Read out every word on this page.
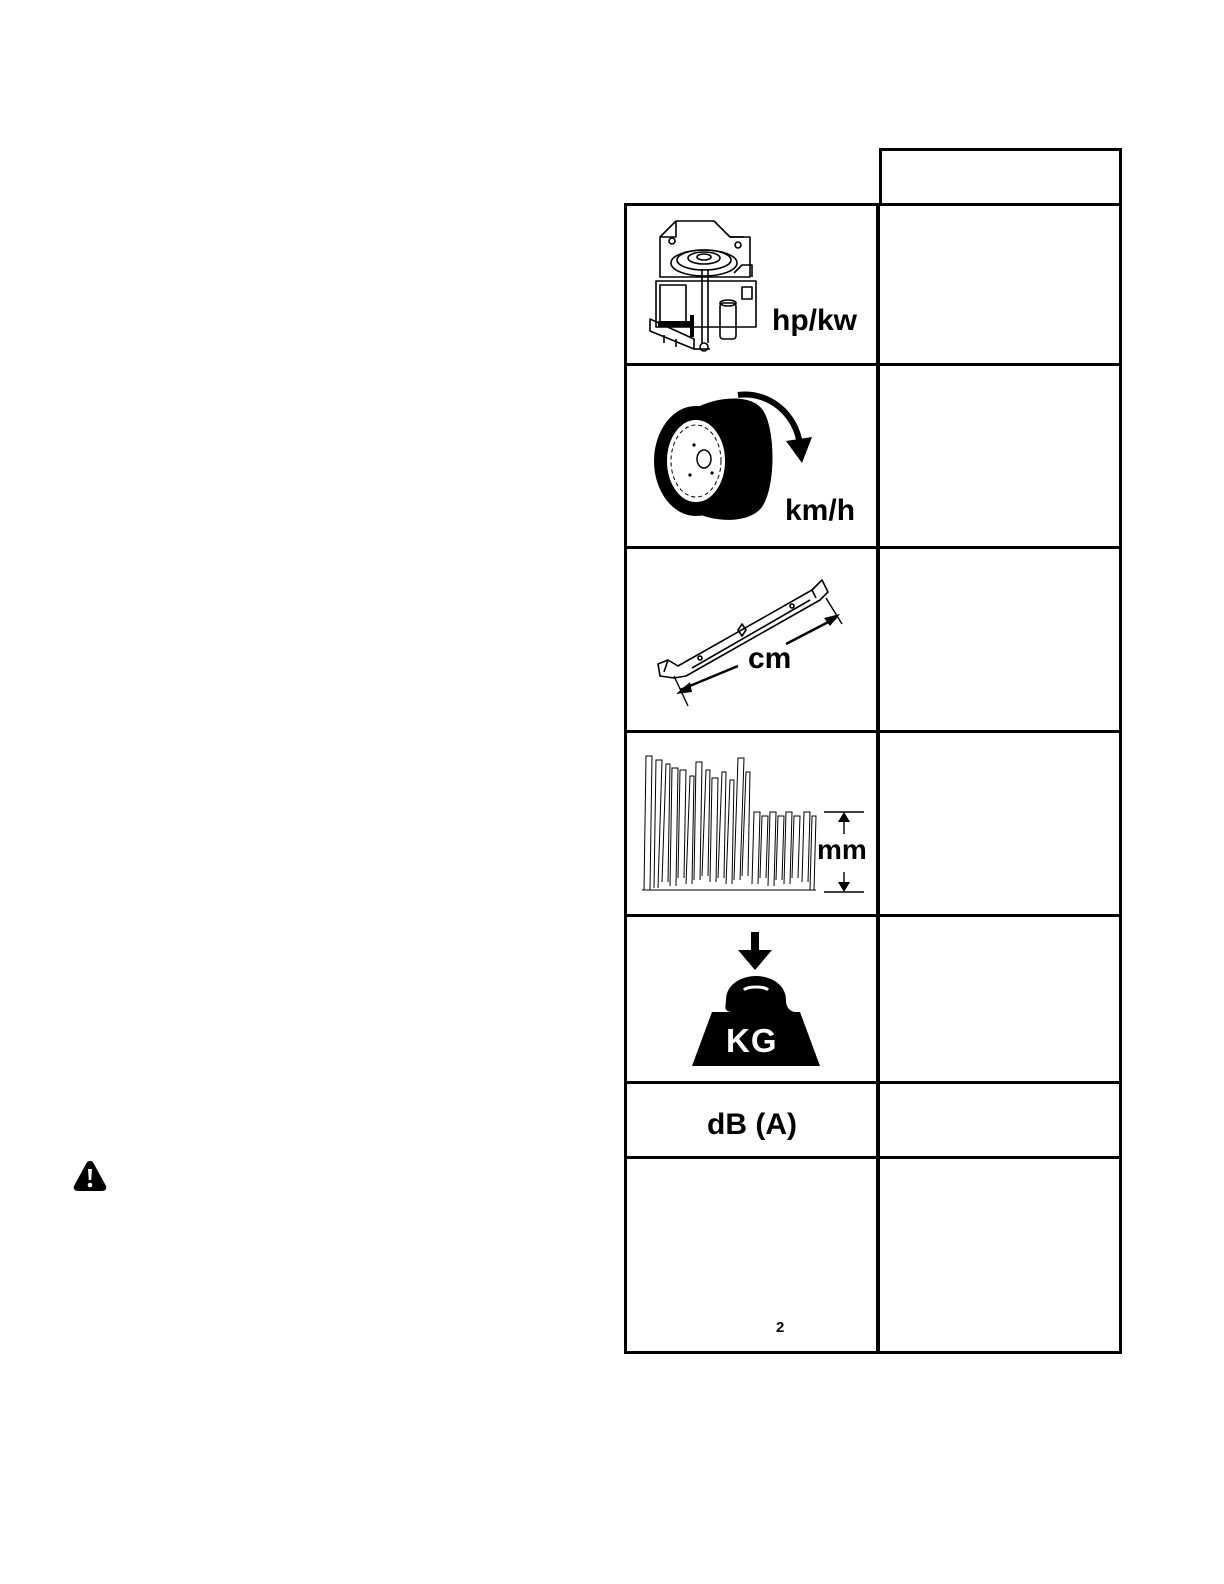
hp/kw
km/h
cm
mm
KG
dB (A)
2
